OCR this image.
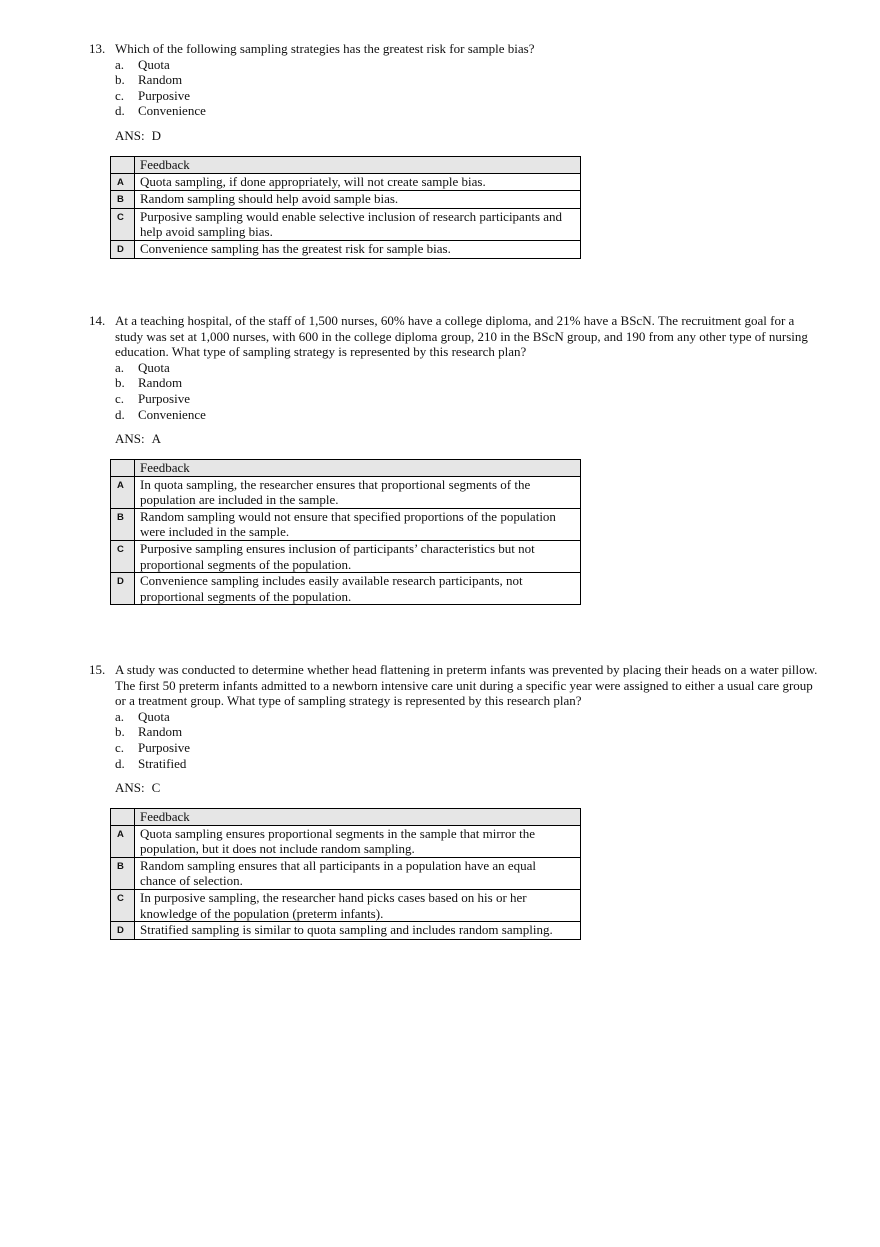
13. Which of the following sampling strategies has the greatest risk for sample bias?
a. Quota
b. Random
c. Purposive
d. Convenience
ANS: D
	Feedback
A	Quota sampling, if done appropriately, will not create sample bias.
B	Random sampling should help avoid sample bias.
C	Purposive sampling would enable selective inclusion of research participants and help avoid sampling bias.
D	Convenience sampling has the greatest risk for sample bias.
14. At a teaching hospital, of the staff of 1,500 nurses, 60% have a college diploma, and 21% have a BScN. The recruitment goal for a study was set at 1,000 nurses, with 600 in the college diploma group, 210 in the BScN group, and 190 from any other type of nursing education. What type of sampling strategy is represented by this research plan?
a. Quota
b. Random
c. Purposive
d. Convenience
ANS: A
	Feedback
A	In quota sampling, the researcher ensures that proportional segments of the population are included in the sample.
B	Random sampling would not ensure that specified proportions of the population were included in the sample.
C	Purposive sampling ensures inclusion of participants’ characteristics but not proportional segments of the population.
D	Convenience sampling includes easily available research participants, not proportional segments of the population.
15. A study was conducted to determine whether head flattening in preterm infants was prevented by placing their heads on a water pillow. The first 50 preterm infants admitted to a newborn intensive care unit during a specific year were assigned to either a usual care group or a treatment group. What type of sampling strategy is represented by this research plan?
a. Quota
b. Random
c. Purposive
d. Stratified
ANS: C
	Feedback
A	Quota sampling ensures proportional segments in the sample that mirror the population, but it does not include random sampling.
B	Random sampling ensures that all participants in a population have an equal chance of selection.
C	In purposive sampling, the researcher hand picks cases based on his or her knowledge of the population (preterm infants).
D	Stratified sampling is similar to quota sampling and includes random sampling.
